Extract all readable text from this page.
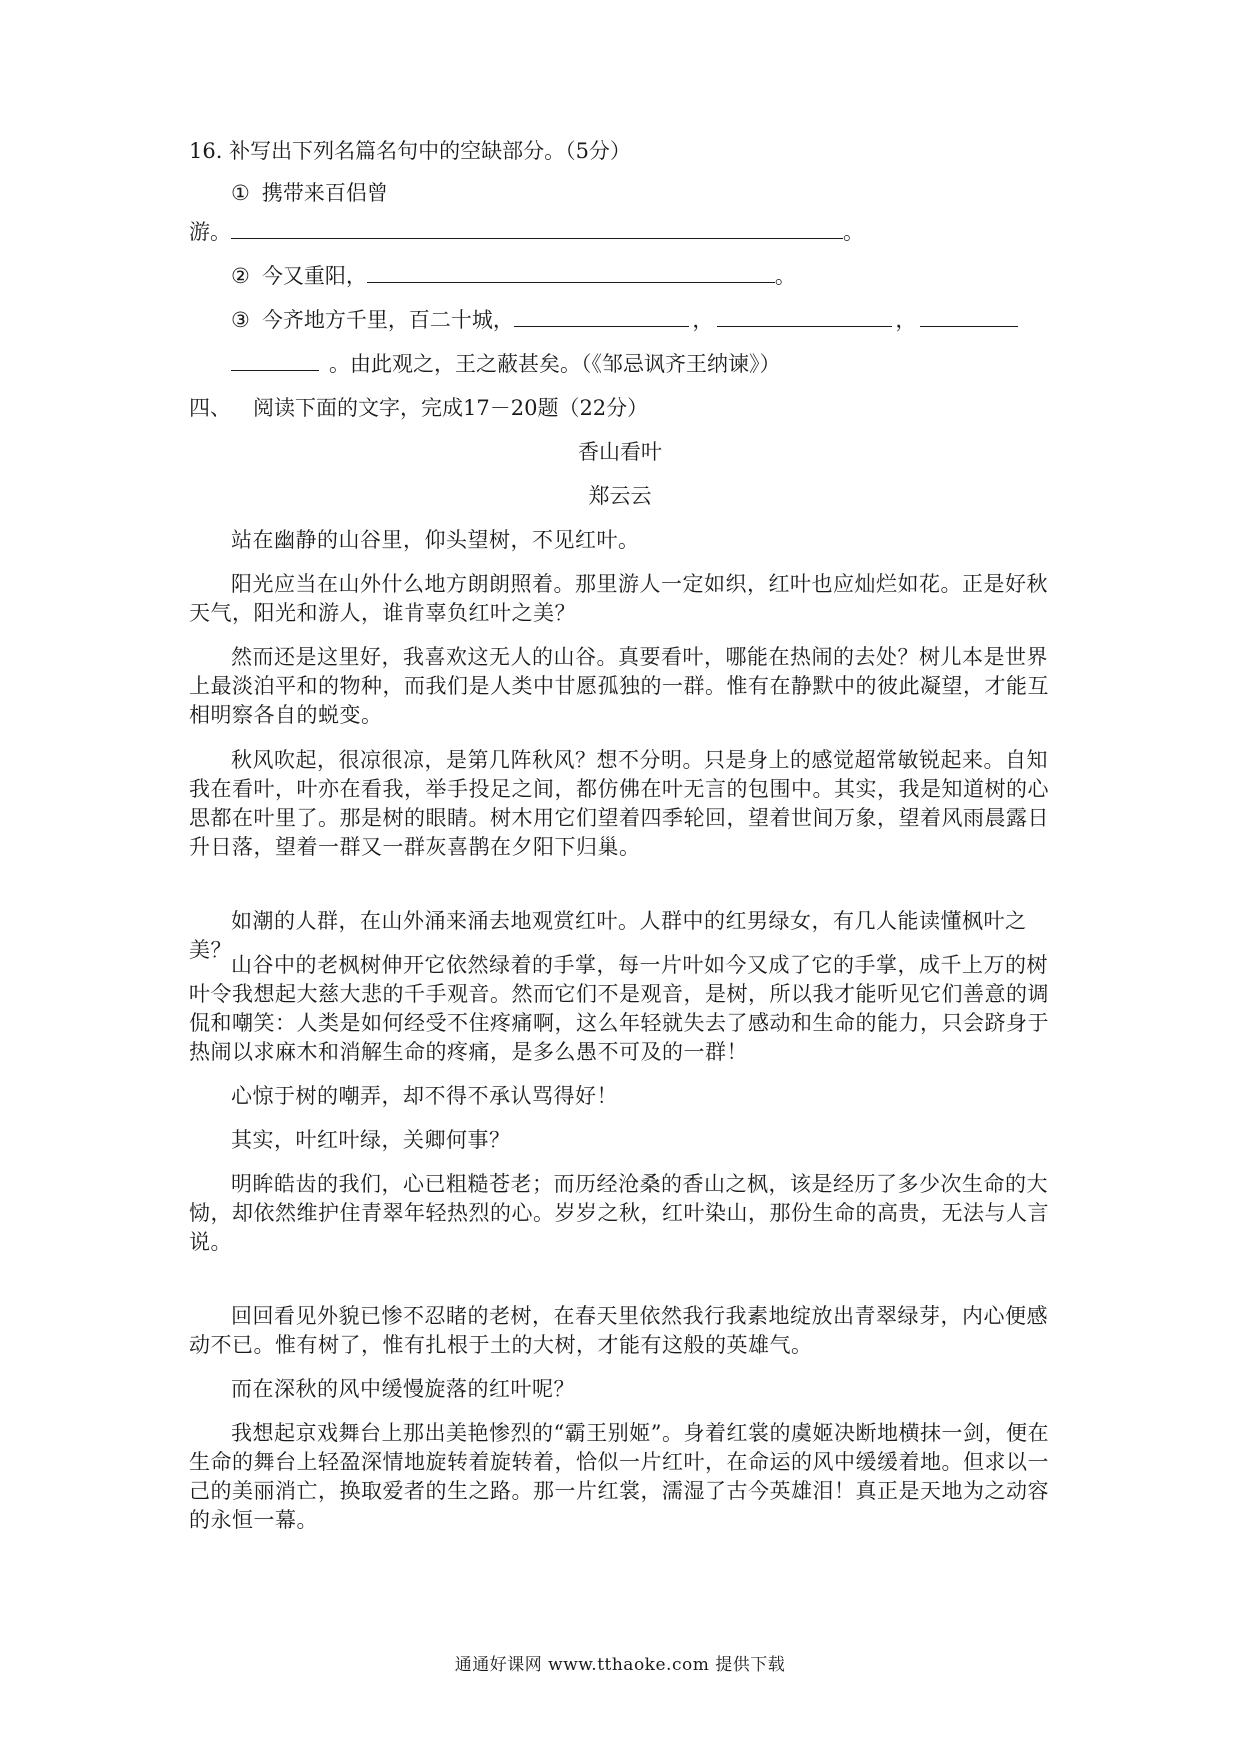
16. 补写出下列名篇名句中的空缺部分。（5分）
① 携带来百侣曾
游。	。
② 今又重阳，	。
③ 今齐地方千里，百二十城，	，	，
。由此观之，王之蔽甚矣。（《邹忌讽齐王纳谏》）
四、 阅读下面的文字，完成17－20题（22分）
香山看叶
郑云云
站在幽静的山谷里，仰头望树，不见红叶。
阳光应当在山外什么地方朗朗照着。那里游人一定如织，红叶也应灿烂如花。正是好秋天气，阳光和游人，谁肯辜负红叶之美？
然而还是这里好，我喜欢这无人的山谷。真要看叶，哪能在热闹的去处？树儿本是世界上最淡泊平和的物种，而我们是人类中甘愿孤独的一群。惟有在静默中的彼此凝望，才能互相明察各自的蜕变。
秋风吹起，很凉很凉，是第几阵秋风？想不分明。只是身上的感觉超常敏锐起来。自知我在看叶，叶亦在看我，举手投足之间，都仿佛在叶无言的包围中。其实，我是知道树的心思都在叶里了。那是树的眼睛。树木用它们望着四季轮回，望着世间万象，望着风雨晨露日升日落，望着一群又一群灰喜鹊在夕阳下归巢。
如潮的人群，在山外涌来涌去地观赏红叶。人群中的红男绿女，有几人能读懂枫叶之美？
山谷中的老枫树伸开它依然绿着的手掌，每一片叶如今又成了它的手掌，成千上万的树叶令我想起大慈大悲的千手观音。然而它们不是观音，是树，所以我才能听见它们善意的调侃和嘲笑：人类是如何经受不住疼痛啊，这么年轻就失去了感动和生命的能力，只会跻身于热闹以求麻木和消解生命的疼痛，是多么愚不可及的一群！
心惊于树的嘲弄，却不得不承认骂得好！
其实，叶红叶绿，关卿何事？
明眸皓齿的我们，心已粗糙苍老；而历经沧桑的香山之枫，该是经历了多少次生命的大恸，却依然维护住青翠年轻热烈的心。岁岁之秋，红叶染山，那份生命的高贵，无法与人言说。
回回看见外貌已惨不忍睹的老树，在春天里依然我行我素地绽放出青翠绿芽，内心便感动不已。惟有树了，惟有扎根于土的大树，才能有这般的英雄气。
而在深秋的风中缓慢旋落的红叶呢？
我想起京戏舞台上那出美艳惨烈的“霸王别姬”。身着红裳的虞姬决断地横抹一剑，便在生命的舞台上轻盈深情地旋转着旋转着，恰似一片红叶，在命运的风中缓缓着地。但求以一己的美丽消亡，换取爱者的生之路。那一片红裳，濡湿了古今英雄泪！真正是天地为之动容的永恒一幕。
通通好课网 www.tthaoke.com 提供下载
